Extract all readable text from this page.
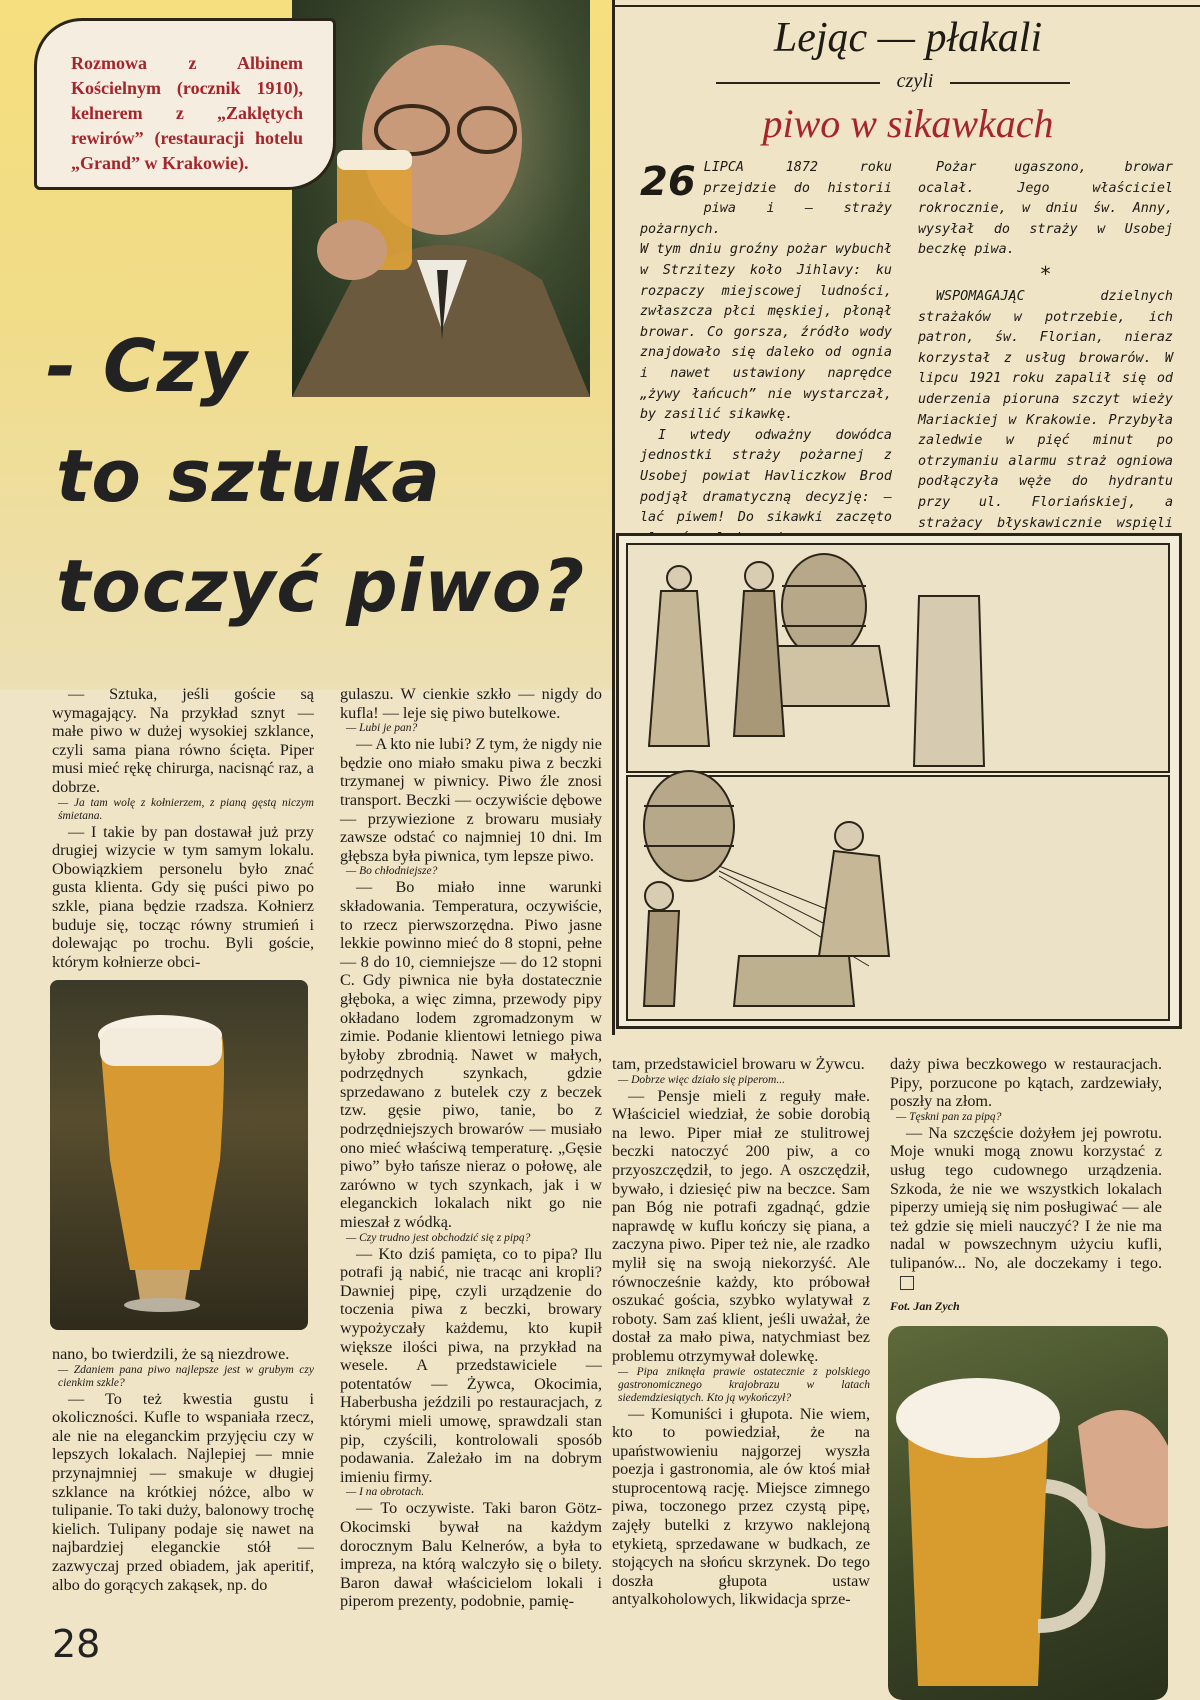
Rozmowa z Albinem Kościelnym (rocznik 1910), kelnerem z „Zaklętych rewirów” (restauracji hotelu „Grand” w Krakowie).
- Czy
to sztuka
toczyć piwo?
Lejąc — płakali
czyli
piwo w sikawkach
26 LIPCA 1872 roku przejdzie do historii piwa i — straży pożarnych.

W tym dniu groźny pożar wybuchł w Strzitezy koło Jihlavy: ku rozpaczy miejscowej ludności, zwłaszcza płci męskiej, płonął browar. Co gorsza, źródło wody znajdowało się daleko od ognia i nawet ustawiony naprędce „żywy łańcuch” nie wystarczał, by zasilić sikawkę.

I wtedy odważny dowódca jednostki straży pożarnej z Usobej powiat Havliczkow Brod podjął dramatyczną decyzję: — lać piwem! Do sikawki zaczęto

Pożar ugaszono, browar ocalał. Jego właściciel rokrocznie, w dniu św. Anny, wysyłał do straży w Usobej beczkę piwa.

*

WSPOMAGAJĄC dzielnych strażaków w potrzebie, ich patron, św. Florian, nieraz korzystał z usług browarów. W lipcu 1921 roku zapalił się od uderzenia pioruna szczyt wieży Mariackiej w Krakowie. Przybyła zaledwie w pięć minut po otrzymaniu alarmu straż ogniowa podłączyła węże do hydrantu przy ul. Floriańskiej, a strażacy błyskawicznie wspięli

— Sztuka, jeśli goście są wymagający. Na przykład sznyt — małe piwo w dużej wysokiej szklance, czyli sama piana równo ścięta. Piper musi mieć rękę chirurga, nacisnąć raz, a dobrze.

— Ja tam wolę z kołnierzem, z pianą gęstą niczym śmietana.

— I takie by pan dostawał już przy drugiej wizycie w tym samym lokalu. Obowiązkiem personelu było znać gusta klienta. Gdy się puści piwo po szkle, piana będzie rzadsza. Kołnierz buduje się, tocząc równy strumień i dolewając po trochu. Byli goście, którym kołnierze obci-

nano, bo twierdzili, że są niezdrowe.

— Zdaniem pana piwo najlepsze jest w grubym czy cienkim szkle?

— To też kwestia gustu i okoliczności. Kufle to wspaniała rzecz, ale nie na eleganckim przyjęciu czy w lepszych lokalach. Najlepiej — mnie przynajmniej — smakuje w długiej szklance na krótkiej nóżce, albo w tulipanie. To taki duży, balonowy trochę kielich. Tulipany podaje się nawet na najbardziej eleganckie stół — zazwyczaj przed obiadem, jak aperitif, albo do gorących zakąsek, np. do

gulaszu. W cienkie szkło — nigdy do kufla! — leje się piwo butelkowe.

— Lubi je pan?

— A kto nie lubi? Z tym, że nigdy nie będzie ono miało smaku piwa z beczki trzymanej w piwnicy. Piwo źle znosi transport. Beczki — oczywiście dębowe — przywiezione z browaru musiały zawsze odstać co najmniej 10 dni. Im głębsza była piwnica, tym lepsze piwo.

— Bo chłodniejsze?

— Bo miało inne warunki składowania. Temperatura, oczywiście, to rzecz pierwszorzędna. Piwo jasne lekkie powinno mieć do 8 stopni, pełne — 8 do 10, ciemniejsze — do 12 stopni C. Gdy piwnica nie była dostatecznie głęboka, a więc zimna, przewody pipy okładano lodem zgromadzonym w zimie. Podanie klientowi letniego piwa byłoby zbrodnią. Nawet w małych, podrzędnych szynkach, gdzie sprzedawano z butelek czy z beczek tzw. gęsie piwo, tanie, bo z podrzędniejszych browarów — musiało ono mieć właściwą temperaturę. „Gęsie piwo” było tańsze nieraz o połowę, ale zarówno w tych szynkach, jak i w eleganckich lokalach nikt go nie mieszał z wódką.

— Czy trudno jest obchodzić się z pipą?

— Kto dziś pamięta, co to pipa? Ilu potrafi ją nabić, nie tracąc ani kropli? Dawniej pipę, czyli urządzenie do toczenia piwa z beczki, browary wypożyczały każdemu, kto kupił większe ilości piwa, na przykład na wesele. A przedstawiciele — potentatów — Żywca, Okocimia, Haberbusha jeździli po restauracjach, z którymi mieli umowę, sprawdzali stan pip, czyścili, kontrolowali sposób podawania. Zależało im na dobrym imieniu firmy.

— I na obrotach.

— To oczywiste. Taki baron Götz-Okocimski bywał na każdym dorocznym Balu Kelnerów, a była to impreza, na którą walczyło się o bilety. Baron dawał właścicielom lokali i piperom prezenty, podobnie, pamię-

tam, przedstawiciel browaru w Żywcu.

— Dobrze więc działo się piperom...

— Pensje mieli z reguły małe. Właściciel wiedział, że sobie dorobią na lewo. Piper miał ze stulitrowej beczki natoczyć 200 piw, a co przyoszczędził, to jego. A oszczędził, bywało, i dziesięć piw na beczce. Sam pan Bóg nie potrafi zgadnąć, gdzie naprawdę w kuflu kończy się piana, a zaczyna piwo. Piper też nie, ale rzadko mylił się na swoją niekorzyść. Ale równocześnie każdy, kto próbował oszukać gościa, szybko wylatywał z roboty. Sam zaś klient, jeśli uważał, że dostał za mało piwa, natychmiast bez problemu otrzymywał dolewkę.

— Pipa zniknęła prawie ostatecznie z polskiego gastronomicznego krajobrazu w latach siedemdziesiątych. Kto ją wykończył?

— Komuniści i głupota. Nie wiem, kto to powiedział, że na upaństwowieniu najgorzej wyszła poezja i gastronomia, ale ów ktoś miał stuprocentową rację. Miejsce zimnego piwa, toczonego przez czystą pipę, zajęły butelki z krzywo naklejoną etykietą, sprzedawane w budkach, ze stojących na słońcu skrzynek. Do tego doszła głupota ustaw antyalkoholowych, likwidacja sprze-

daży piwa beczkowego w restauracjach. Pipy, porzucone po kątach, zardzewiały, poszły na złom.

— Tęskni pan za pipą?

— Na szczęście dożyłem jej powrotu. Moje wnuki mogą znowu korzystać z usług tego cudownego urządzenia. Szkoda, że nie we wszystkich lokalach piperzy umieją się nim posługiwać — ale też gdzie się mieli nauczyć? I że nie ma nadal w powszechnym użyciu kufli, tulipanów... No, ale doczekamy i tego.

Fot. Jan Zych
28
